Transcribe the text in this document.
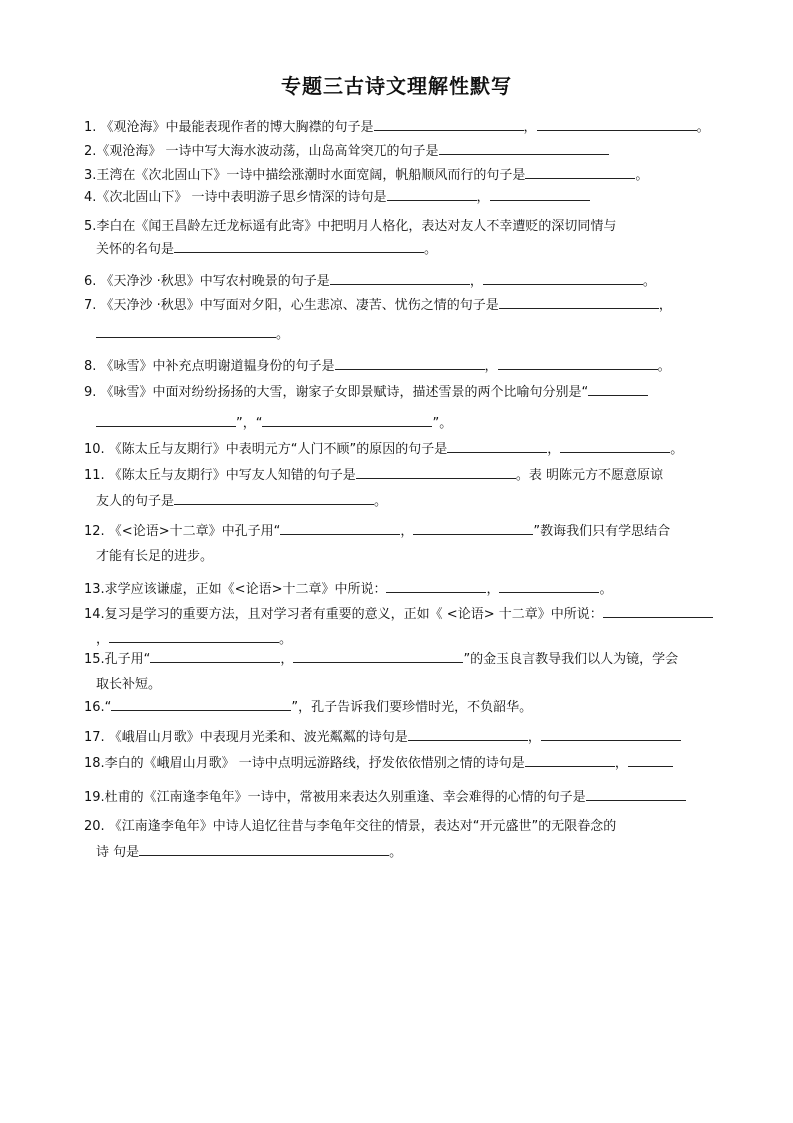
专题三古诗文理解性默写
1. 《观沧海》中最能表现作者的博大胸襟的句子是	，	。
2.《观沧海》 一诗中写大海水波动荡，山岛高耸突兀的句子是
3.王湾在《次北固山下》一诗中描绘涨潮时水面宽阔，帆船顺风而行的句子是	。
4.《次北固山下》 一诗中表明游子思乡情深的诗句是	，
5.李白在《闻王昌龄左迁龙标遥有此寄》中把明月人格化，表达对友人不幸遭贬的深切同情与
关怀的名句是	。
6. 《天净沙 ·秋思》中写农村晚景的句子是	，	。
7. 《天净沙 ·秋思》中写面对夕阳，心生悲凉、凄苦、忧伤之情的句子是	，
。
8. 《咏雪》中补充点明谢道韫身份的句子是	，	。
9. 《咏雪》中面对纷纷扬扬的大雪，谢家子女即景赋诗，描述雪景的两个比喻句分别是“
”，“	”。
10. 《陈太丘与友期行》中表明元方“人门不顾”的原因的句子是	，	。
11. 《陈太丘与友期行》中写友人知错的句子是	。表 明陈元方不愿意原谅
友人的句子是	。
12. 《<论语>十二章》中孔子用“	，	”教诲我们只有学思结合
才能有长足的进步。
13.求学应该谦虚，正如《<论语>十二章》中所说：	，	。
14.复习是学习的重要方法，且对学习者有重要的意义，正如《 <论语> 十二章》中所说：
，	。
15.孔子用“	，	”的金玉良言教导我们以人为镜，学会
取长补短。
16.“	”，孔子告诉我们要珍惜时光，不负韶华。
17. 《峨眉山月歌》中表现月光柔和、波光粼粼的诗句是	，
18.李白的《峨眉山月歌》 一诗中点明远游路线，抒发依依惜别之情的诗句是	，
19.杜甫的《江南逢李龟年》一诗中，常被用来表达久别重逢、幸会难得的心情的句子是
20. 《江南逢李龟年》中诗人追忆往昔与李龟年交往的情景，表达对“开元盛世”的无限眷念的
诗 句是	。
